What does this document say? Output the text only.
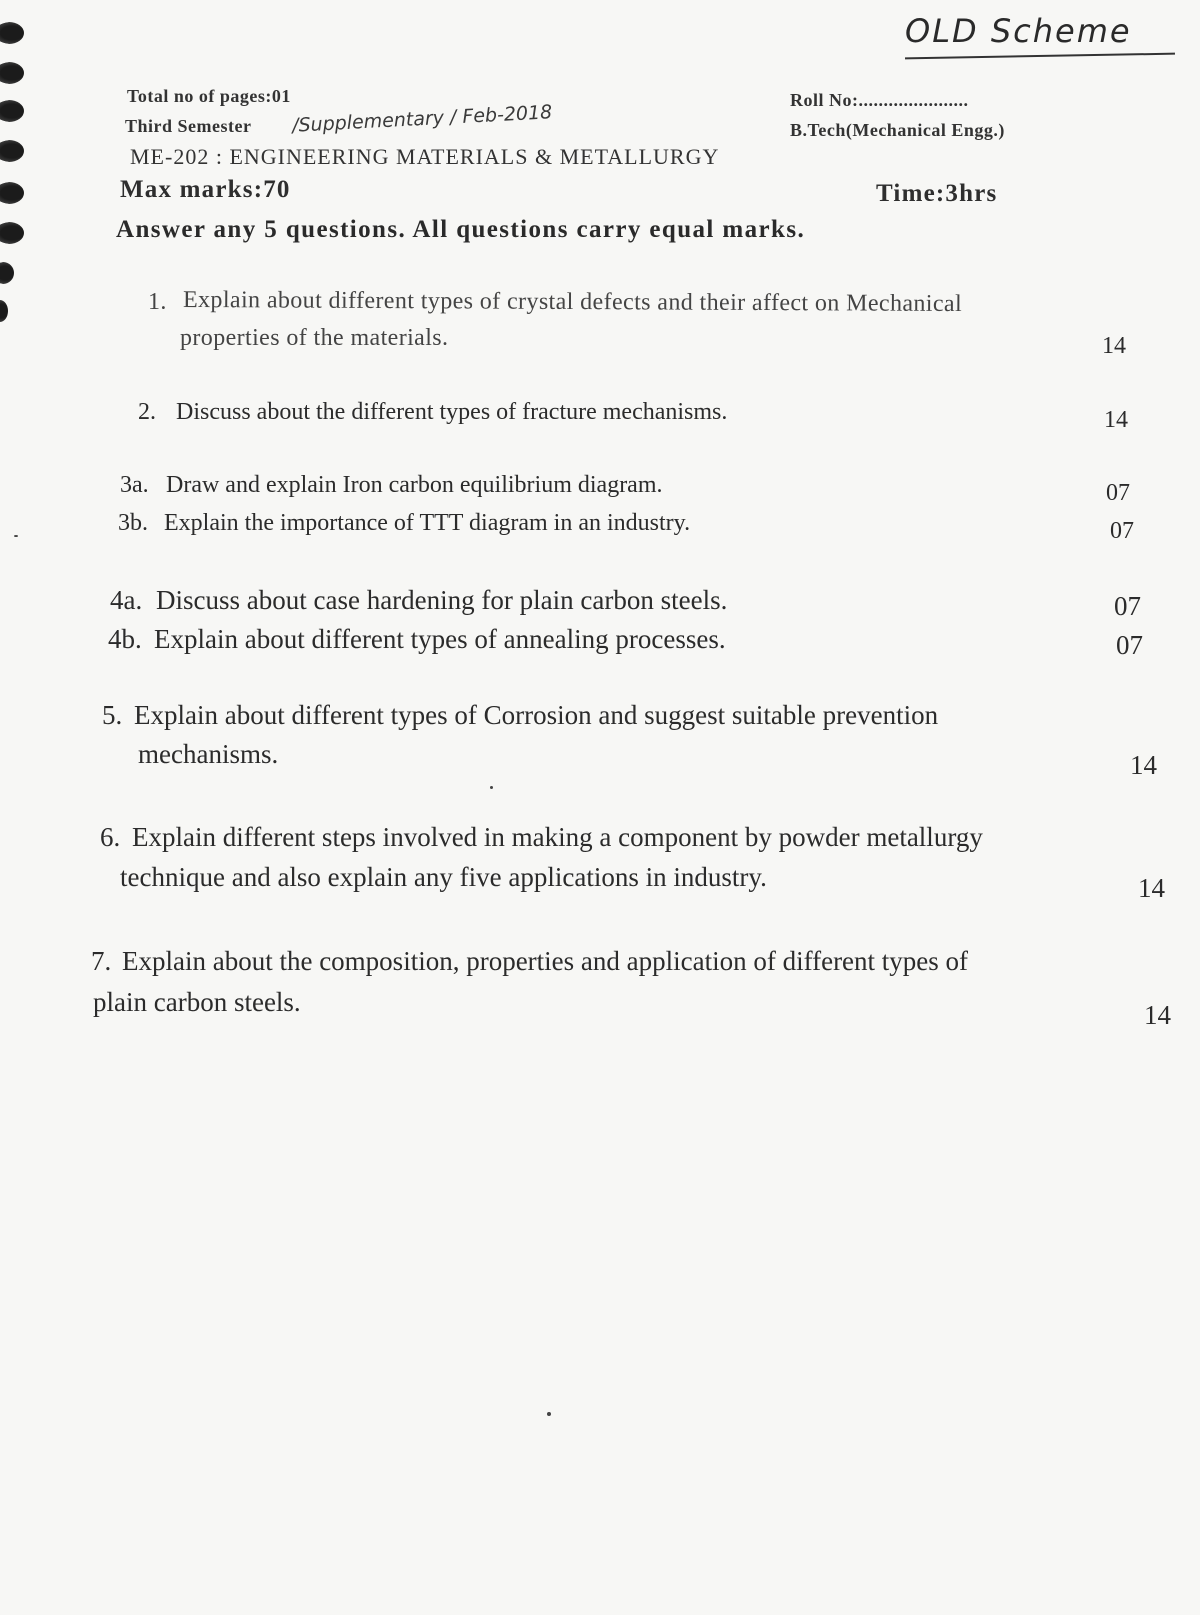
OLD Scheme
Total no of pages:01	Roll No:......................
Third Semester /Supplementary / Feb-2018	B.Tech(Mechanical Engg.)
ME-202 : ENGINEERING MATERIALS & METALLURGY
Max marks:70	Time:3hrs
Answer any 5 questions. All questions carry equal marks.
1. Explain about different types of crystal defects and their affect on Mechanical
properties of the materials.	14
2. Discuss about the different types of fracture mechanisms.	14
3a. Draw and explain Iron carbon equilibrium diagram.	07
3b. Explain the importance of TTT diagram in an industry.	07
4a. Discuss about case hardening for plain carbon steels.	07
4b. Explain about different types of annealing processes.	07
5. Explain about different types of Corrosion and suggest suitable prevention
mechanisms.	14
6. Explain different steps involved in making a component by powder metallurgy
technique and also explain any five applications in industry.	14
7. Explain about the composition, properties and application of different types of
plain carbon steels.	14
